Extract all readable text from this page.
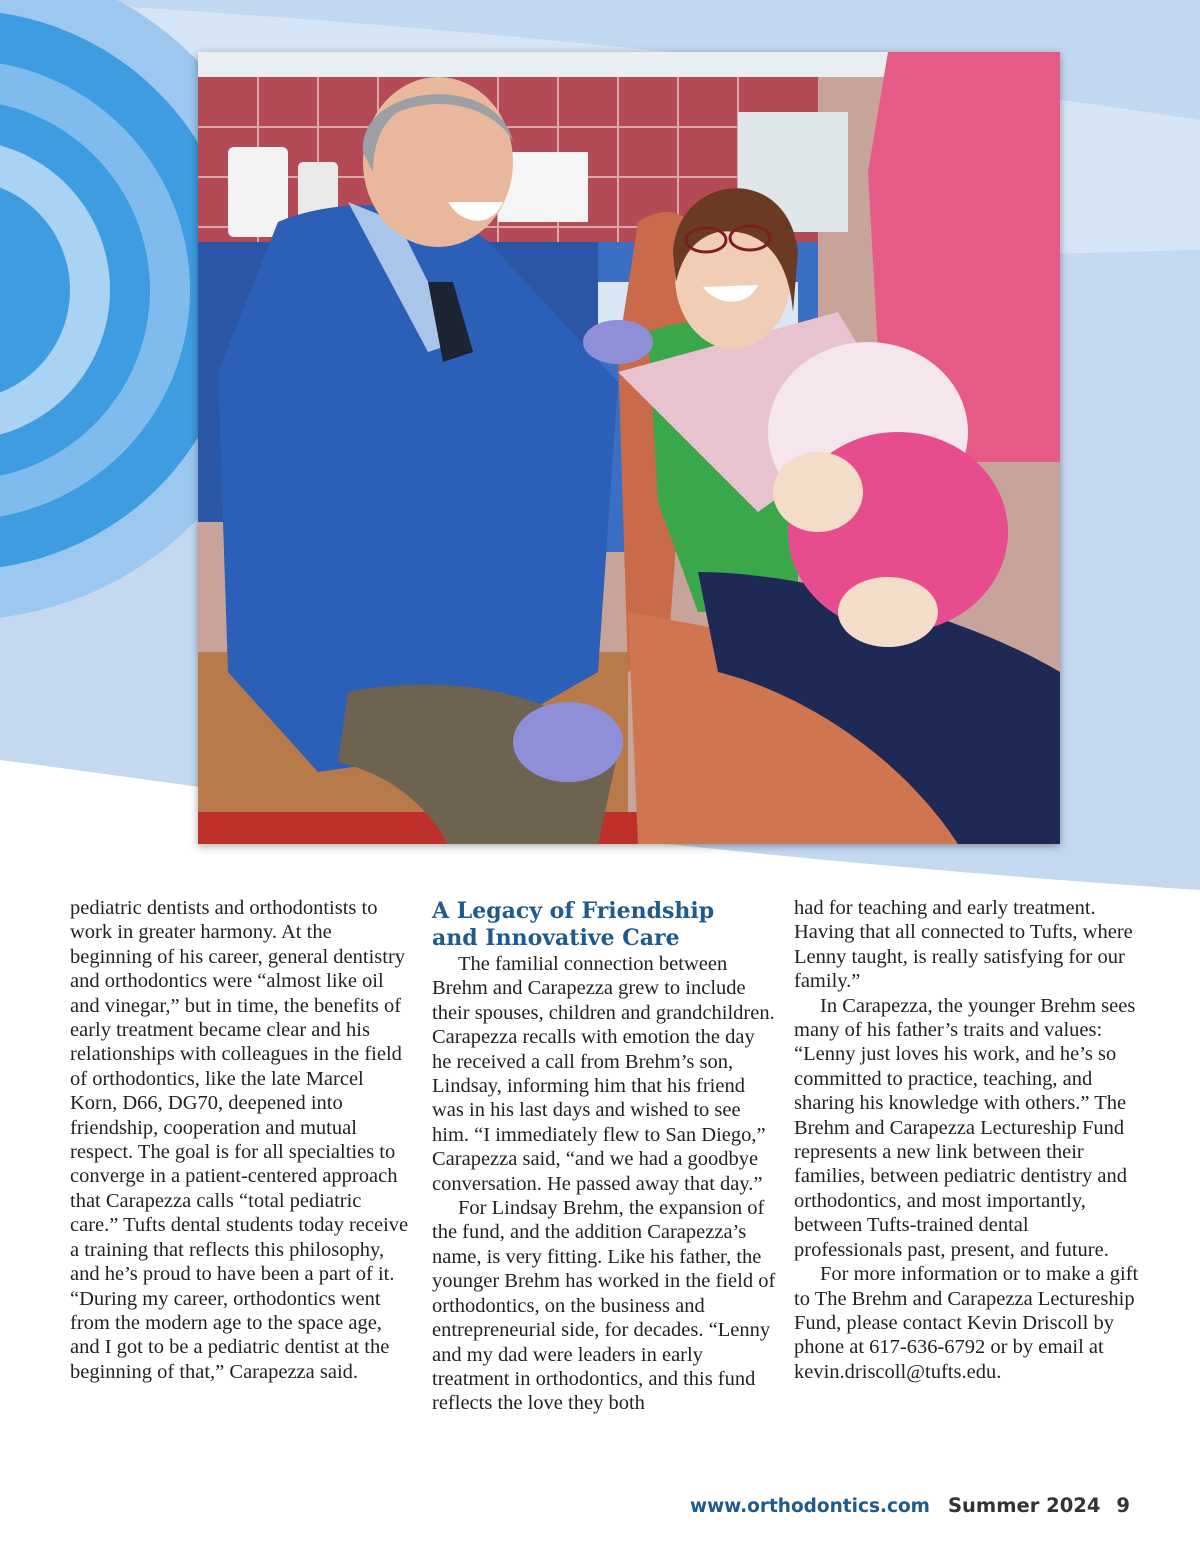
pediatric dentists and orthodontists to work in greater harmony. At the beginning of his career, general dentistry and orthodontics were “almost like oil and vinegar,” but in time, the benefits of early treatment became clear and his relationships with colleagues in the field of orthodontics, like the late Marcel Korn, D66, DG70, deepened into friendship, cooperation and mutual respect. The goal is for all specialties to converge in a patient-centered approach that Carapezza calls “total pediatric care.” Tufts dental students today receive a training that reflects this philosophy, and he’s proud to have been a part of it. “During my career, orthodontics went from the modern age to the space age, and I got to be a pediatric dentist at the beginning of that,” Carapezza said.

A Legacy of Friendship
and Innovative Care

The familial connection between Brehm and Carapezza grew to include their spouses, children and grandchildren. Carapezza recalls with emotion the day he received a call from Brehm’s son, Lindsay, informing him that his friend was in his last days and wished to see him. “I immediately flew to San Diego,” Carapezza said, “and we had a goodbye conversation. He passed away that day.”

For Lindsay Brehm, the expansion of the fund, and the addition Carapezza’s name, is very fitting. Like his father, the younger Brehm has worked in the field of orthodontics, on the business and entrepreneurial side, for decades. “Lenny and my dad were leaders in early treatment in orthodontics, and this fund reflects the love they both

had for teaching and early treatment. Having that all connected to Tufts, where Lenny taught, is really satisfying for our family.”

In Carapezza, the younger Brehm sees many of his father’s traits and values: “Lenny just loves his work, and he’s so committed to practice, teaching, and sharing his knowledge with others.” The Brehm and Carapezza Lectureship Fund represents a new link between their families, between pediatric dentistry and orthodontics, and most importantly, between Tufts-trained dental professionals past, present, and future.

For more information or to make a gift to The Brehm and Carapezza Lectureship Fund, please contact Kevin Driscoll by phone at 617-636-6792 or by email at kevin.driscoll@tufts.edu.

www.orthodontics.com Summer 2024 9
